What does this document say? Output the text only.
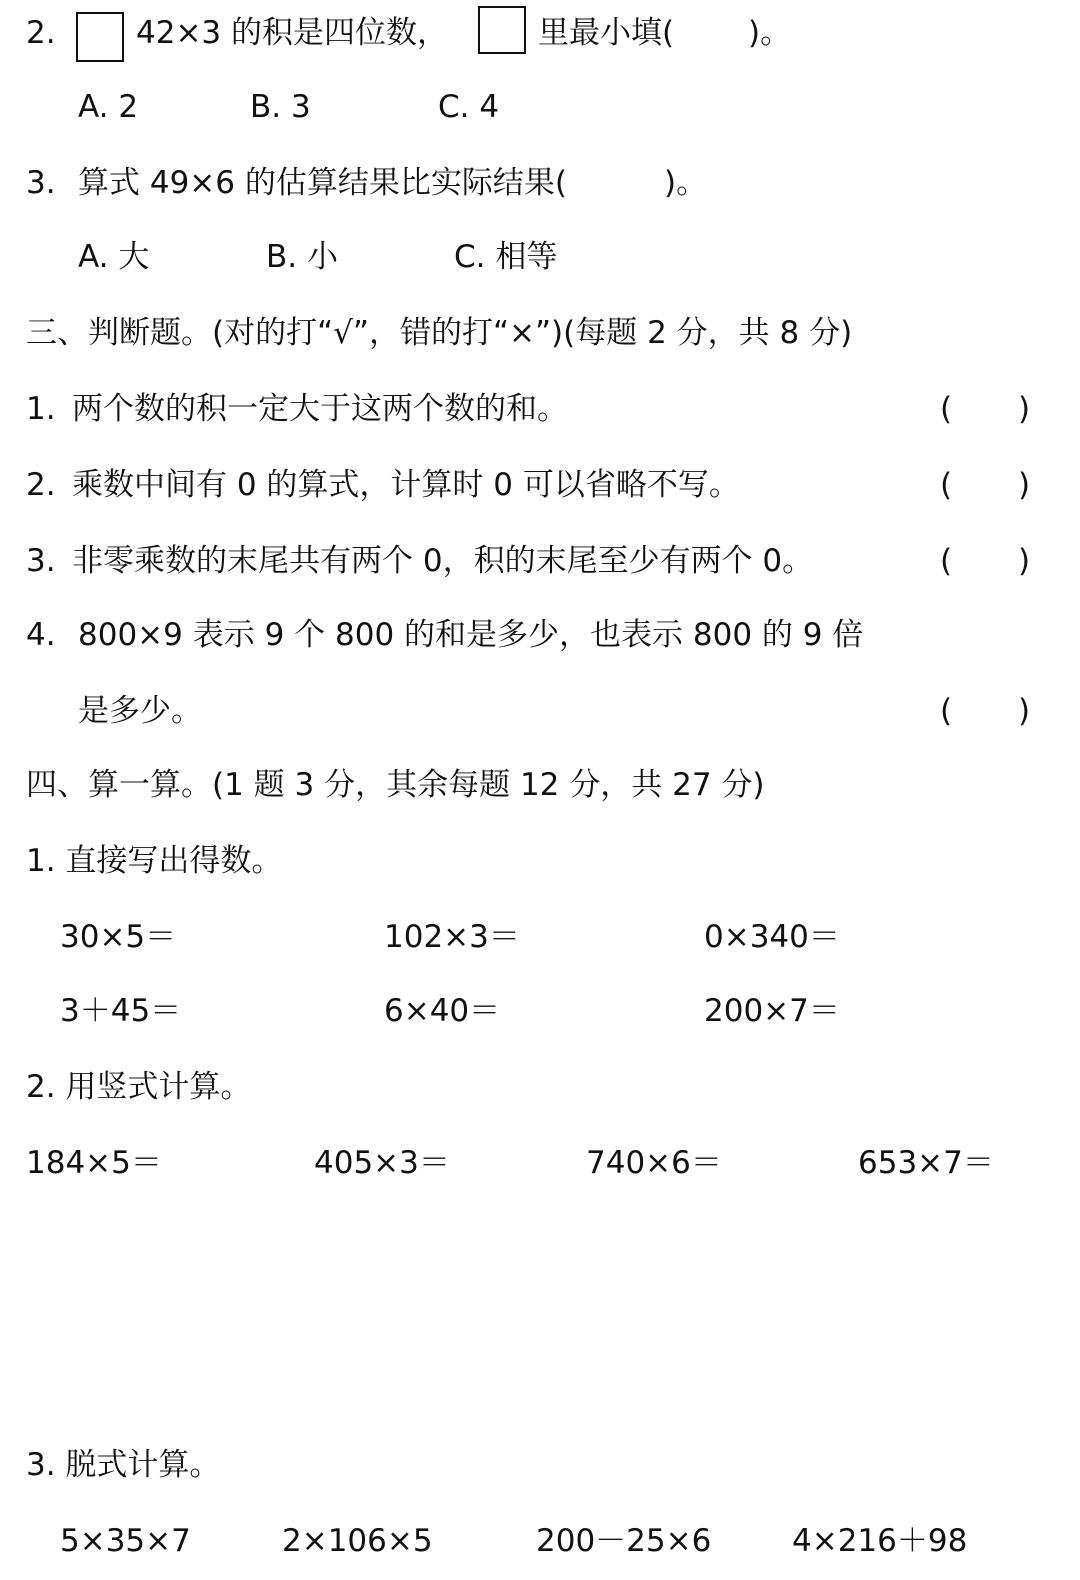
2.	42×3 的积是四位数，	里最小填( )。
A. 2	B. 3	C. 4
3. 算式 49×6 的估算结果比实际结果(	)。
A. 大	B. 小	C. 相等
三、判断题。(对的打“√”，错的打“×”)(每题 2 分，共 8 分)
1. 两个数的积一定大于这两个数的和。	( )
2. 乘数中间有 0 的算式，计算时 0 可以省略不写。	( )
3. 非零乘数的末尾共有两个 0，积的末尾至少有两个 0。	( )
4. 800×9 表示 9 个 800 的和是多少，也表示 800 的 9 倍
是多少。	( )
四、算一算。(1 题 3 分，其余每题 12 分，共 27 分)
1. 直接写出得数。
30×5＝	102×3＝	0×340＝
3＋45＝	6×40＝	200×7＝
2. 用竖式计算。
184×5＝	405×3＝	740×6＝	653×7＝
3. 脱式计算。
5×35×7	2×106×5	200－25×6	4×216＋98
